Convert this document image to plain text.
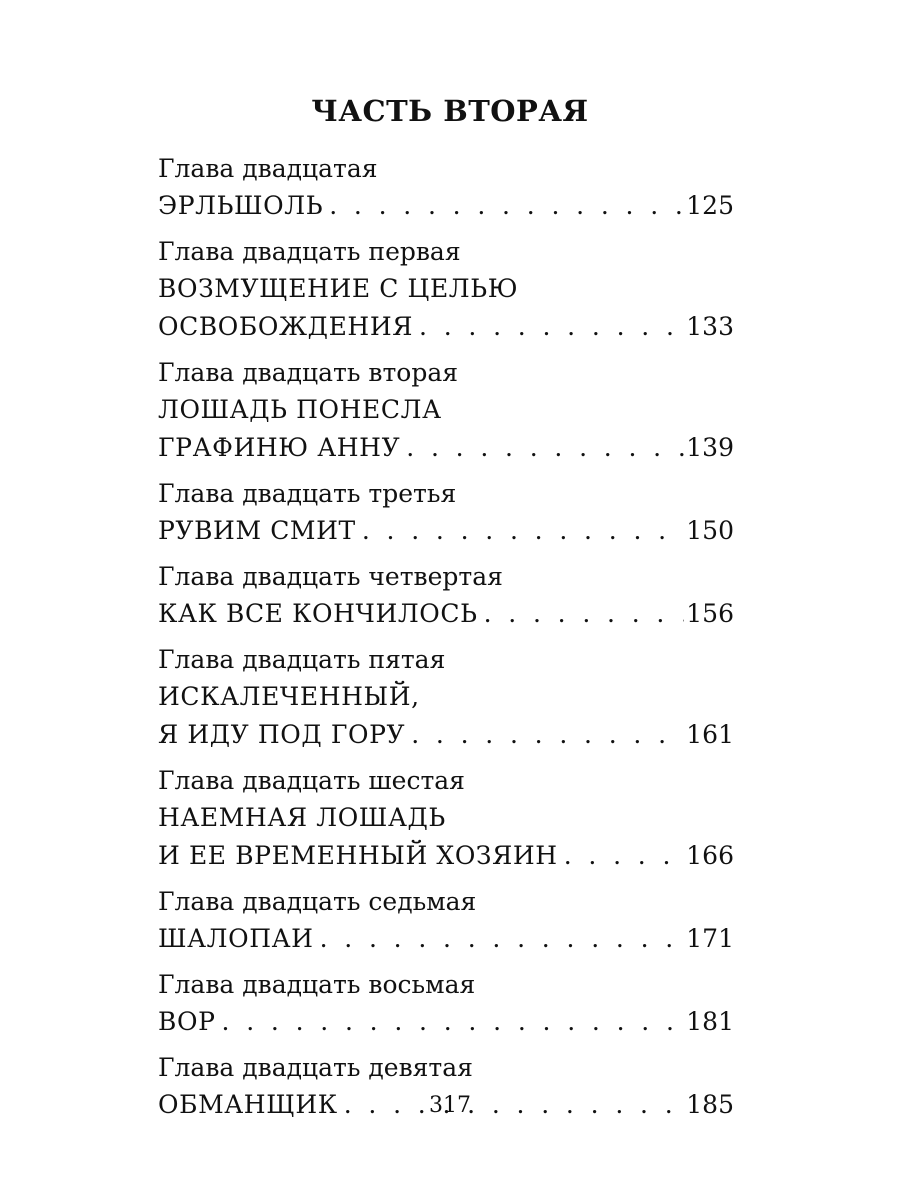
ЧАСТЬ ВТОРАЯ
Глава двадцатая
ЭРЛЬШОЛЬ . . .	125
Глава двадцать первая
ВОЗМУЩЕНИЕ С ЦЕЛЬЮ
ОСВОБОЖДЕНИЯ . . .	133
Глава двадцать вторая
ЛОШАДЬ ПОНЕСЛА
ГРАФИНЮ АННУ . . .	139
Глава двадцать третья
РУВИМ СМИТ . . .	150
Глава двадцать четвертая
КАК ВСЕ КОНЧИЛОСЬ . . .	156
Глава двадцать пятая
ИСКАЛЕЧЕННЫЙ,
Я ИДУ ПОД ГОРУ . . .	161
Глава двадцать шестая
НАЕМНАЯ ЛОШАДЬ
И ЕЕ ВРЕМЕННЫЙ ХОЗЯИН . . .	166
Глава двадцать седьмая
ШАЛОПАИ . . .	171
Глава двадцать восьмая
ВОР . . .	181
Глава двадцать девятая
ОБМАНЩИК . . .	185
317
